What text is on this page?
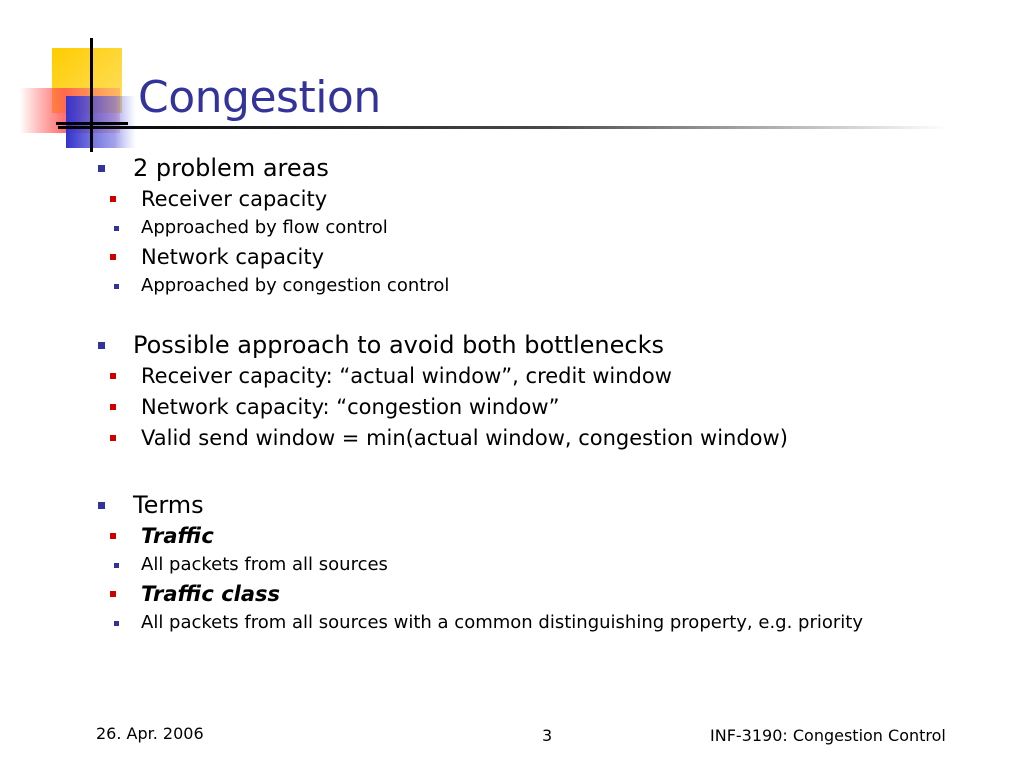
Congestion
2 problem areas
Receiver capacity
Approached by flow control
Network capacity
Approached by congestion control
Possible approach to avoid both bottlenecks
Receiver capacity: “actual window”, credit window
Network capacity: “congestion window”
Valid send window = min(actual window, congestion window)
Terms
Traffic
All packets from all sources
Traffic class
All packets from all sources with a common distinguishing property, e.g. priority
26. Apr. 2006	3	INF-3190: Congestion Control
